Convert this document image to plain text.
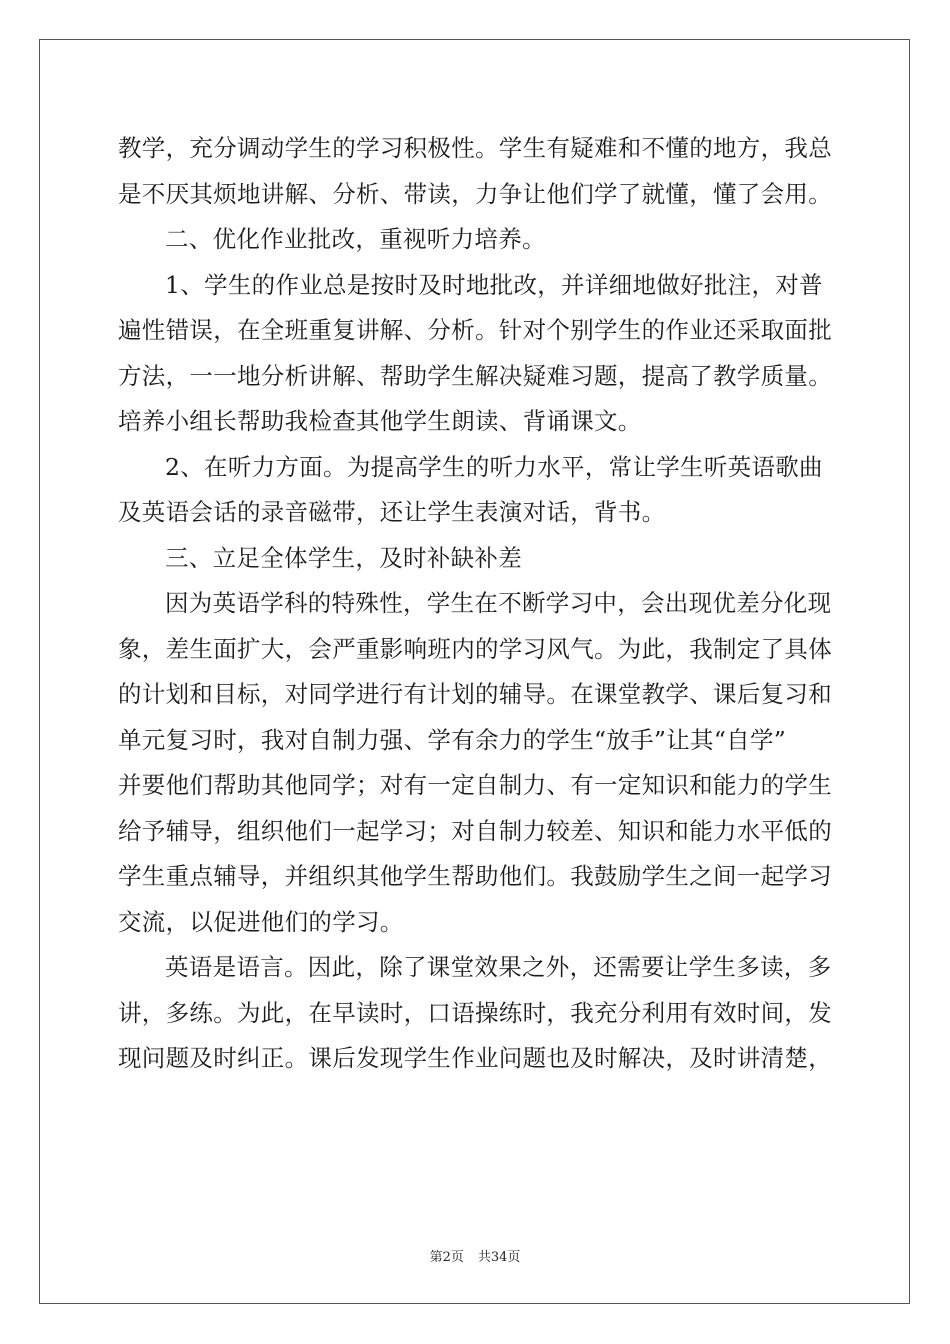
教学，充分调动学生的学习积极性。学生有疑难和不懂的地方，我总
是不厌其烦地讲解、分析、带读，力争让他们学了就懂，懂了会用。
二、优化作业批改，重视听力培养。
1、学生的作业总是按时及时地批改，并详细地做好批注，对普
遍性错误，在全班重复讲解、分析。针对个别学生的作业还采取面批
方法，一一地分析讲解、帮助学生解决疑难习题，提高了教学质量。
培养小组长帮助我检查其他学生朗读、背诵课文。
2、在听力方面。为提高学生的听力水平，常让学生听英语歌曲
及英语会话的录音磁带，还让学生表演对话，背书。
三、立足全体学生，及时补缺补差
因为英语学科的特殊性，学生在不断学习中，会出现优差分化现
象，差生面扩大，会严重影响班内的学习风气。为此，我制定了具体
的计划和目标，对同学进行有计划的辅导。在课堂教学、课后复习和
单元复习时，我对自制力强、学有余力的学生“放手”让其“自学”
并要他们帮助其他同学；对有一定自制力、有一定知识和能力的学生
给予辅导，组织他们一起学习；对自制力较差、知识和能力水平低的
学生重点辅导，并组织其他学生帮助他们。我鼓励学生之间一起学习
交流，以促进他们的学习。
英语是语言。因此，除了课堂效果之外，还需要让学生多读，多
讲，多练。为此，在早读时，口语操练时，我充分利用有效时间，发
现问题及时纠正。课后发现学生作业问题也及时解决，及时讲清楚，
第2页 共34页
